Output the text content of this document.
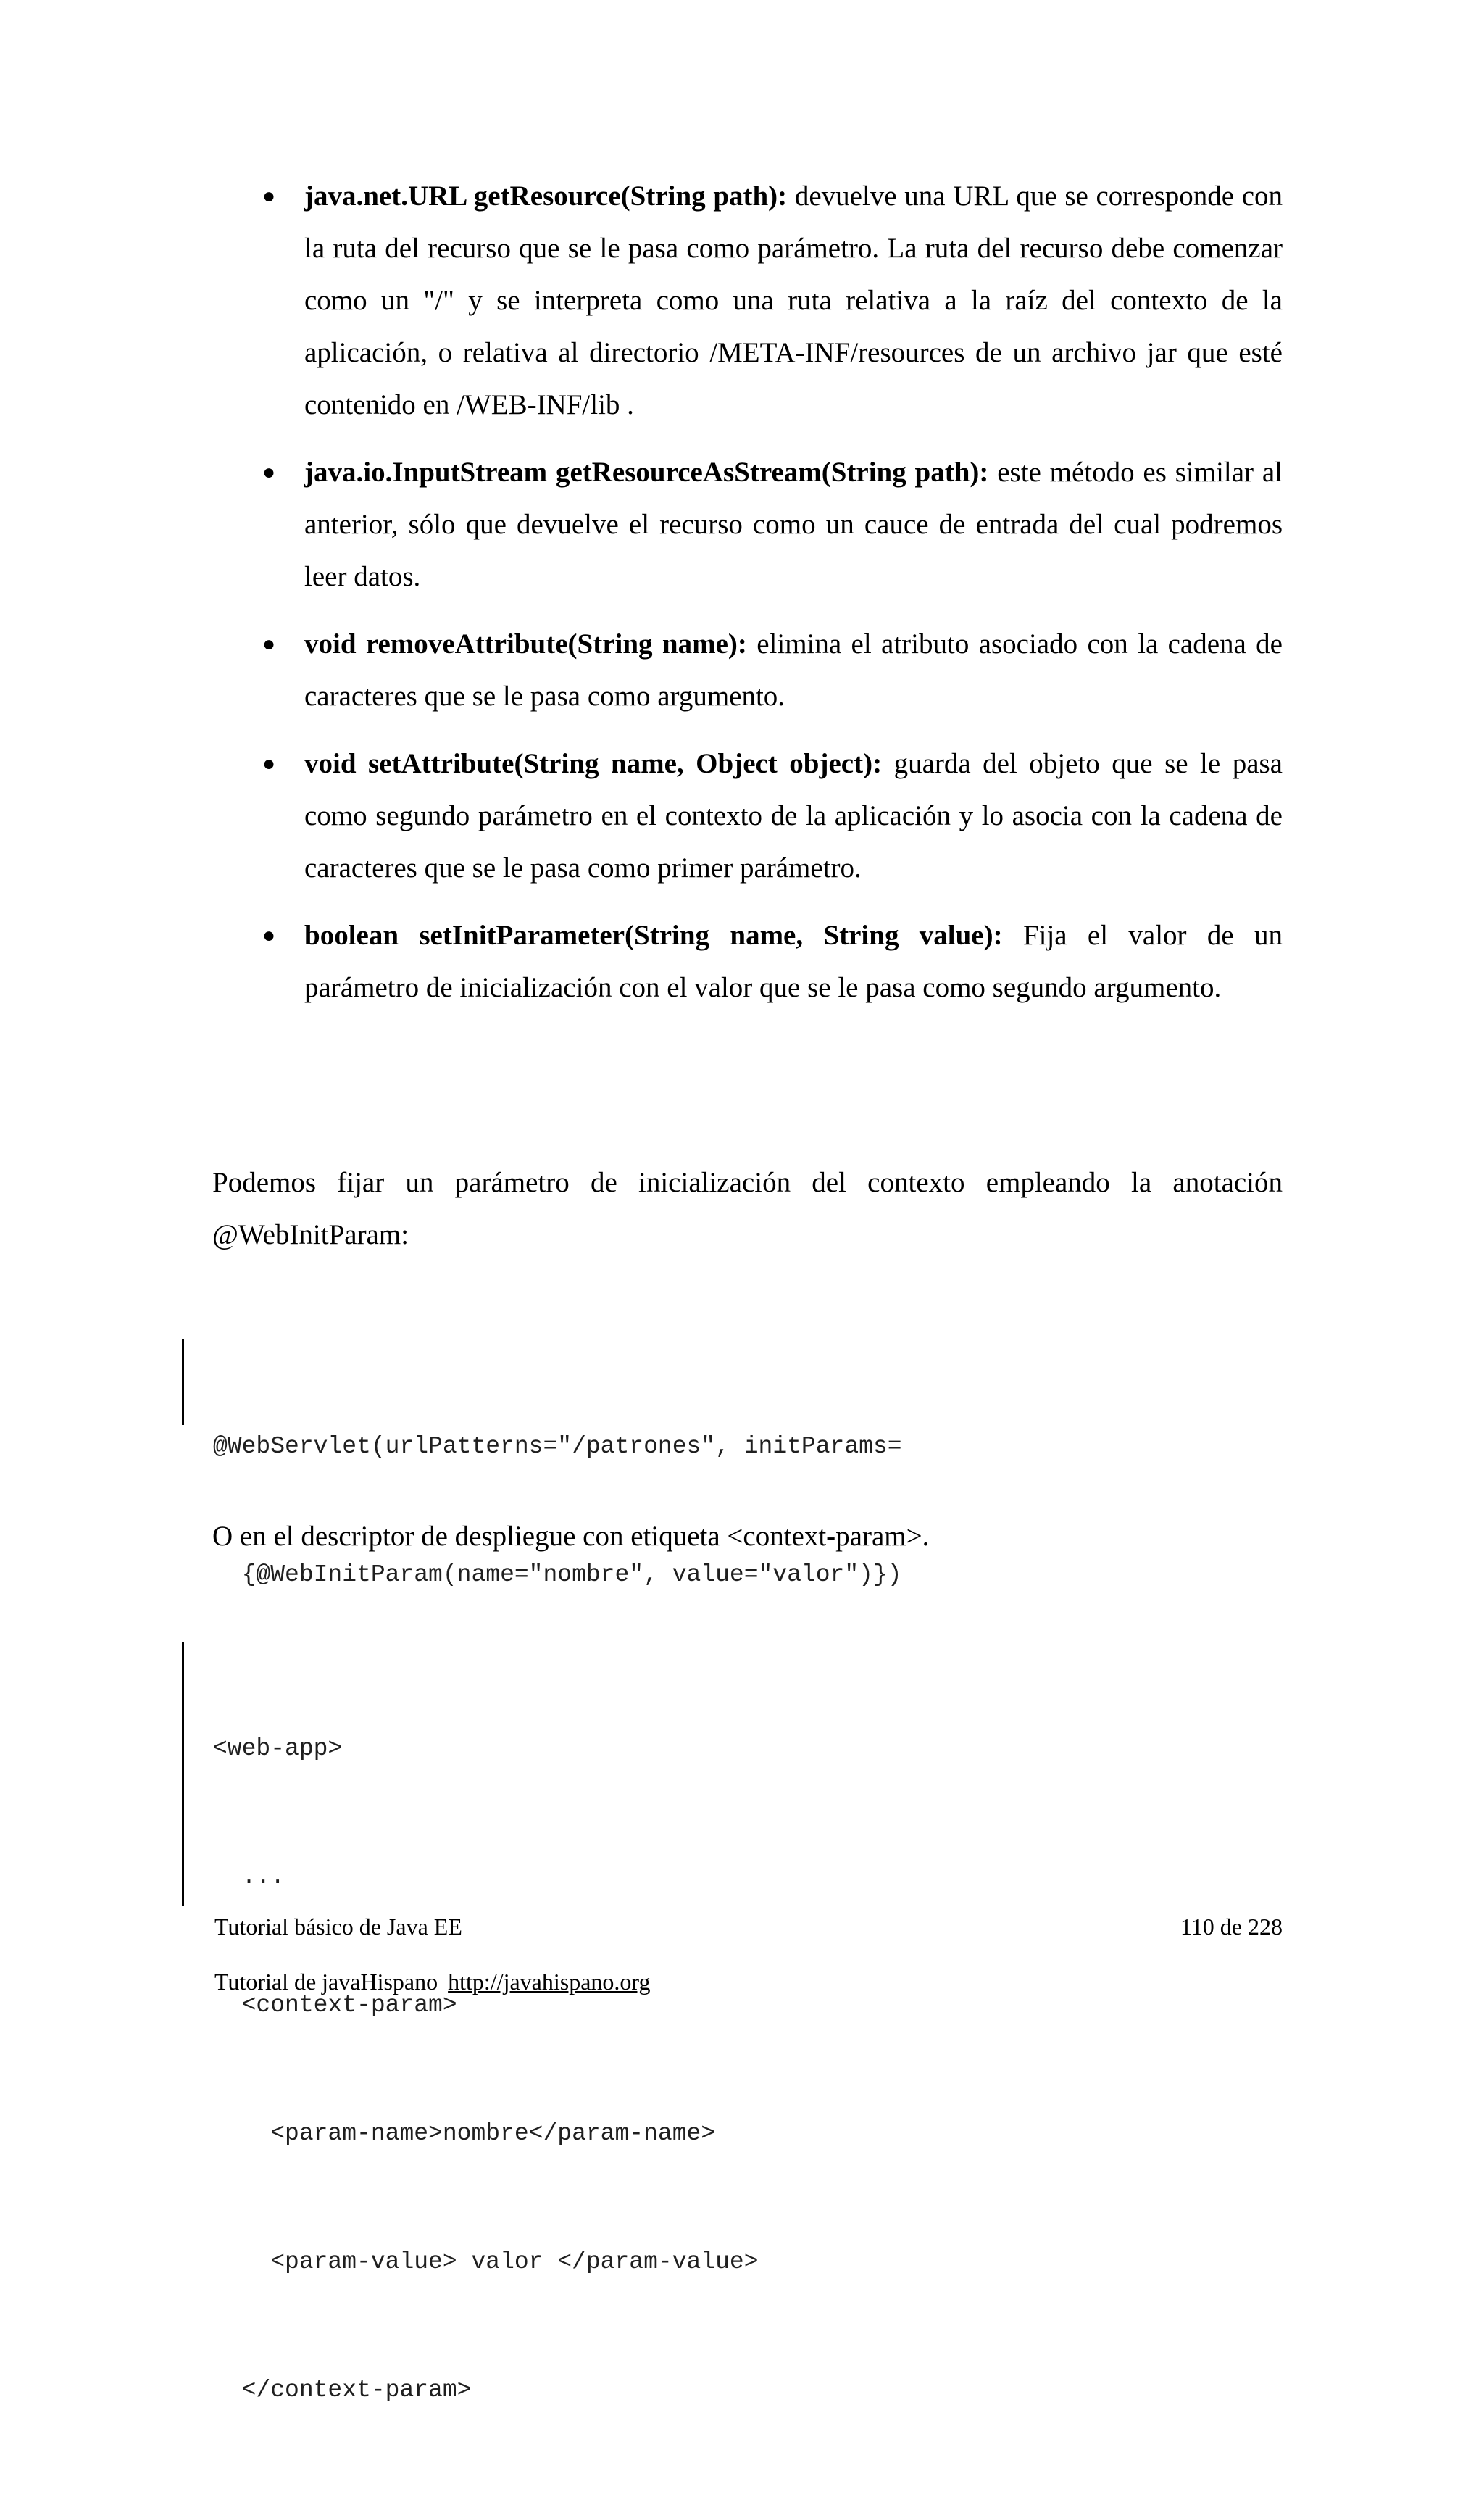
● java.net.URL getResource(String path): devuelve una URL que se corresponde con la ruta del recurso que se le pasa como parámetro. La ruta del recurso debe comenzar como un "/" y se interpreta como una ruta relativa a la raíz del contexto de la aplicación, o relativa al directorio /META-INF/resources de un archivo jar que esté contenido en /WEB-INF/lib .
● java.io.InputStream getResourceAsStream(String path): este método es similar al anterior, sólo que devuelve el recurso como un cauce de entrada del cual podremos leer datos.
● void removeAttribute(String name): elimina el atributo asociado con la cadena de caracteres que se le pasa como argumento.
● void setAttribute(String name, Object object): guarda del objeto que se le pasa como segundo parámetro en el contexto de la aplicación y lo asocia con la cadena de caracteres que se le pasa como primer parámetro.
● boolean setInitParameter(String name, String value): Fija el valor de un parámetro de inicialización con el valor que se le pasa como segundo argumento.

Podemos fijar un parámetro de inicialización del contexto empleando la anotación @WebInitParam:

@WebServlet(urlPatterns="/patrones", initParams=

{@WebInitParam(name="nombre", value="valor")})

O en el descriptor de despliegue con etiqueta <context-param>.

<web-app>

...

<context-param>

<param-name>nombre</param-name>

<param-value> valor </param-value>

</context-param>

Tutorial básico de Java EE	110 de 228
Tutorial de javaHispano http://javahispano.org
